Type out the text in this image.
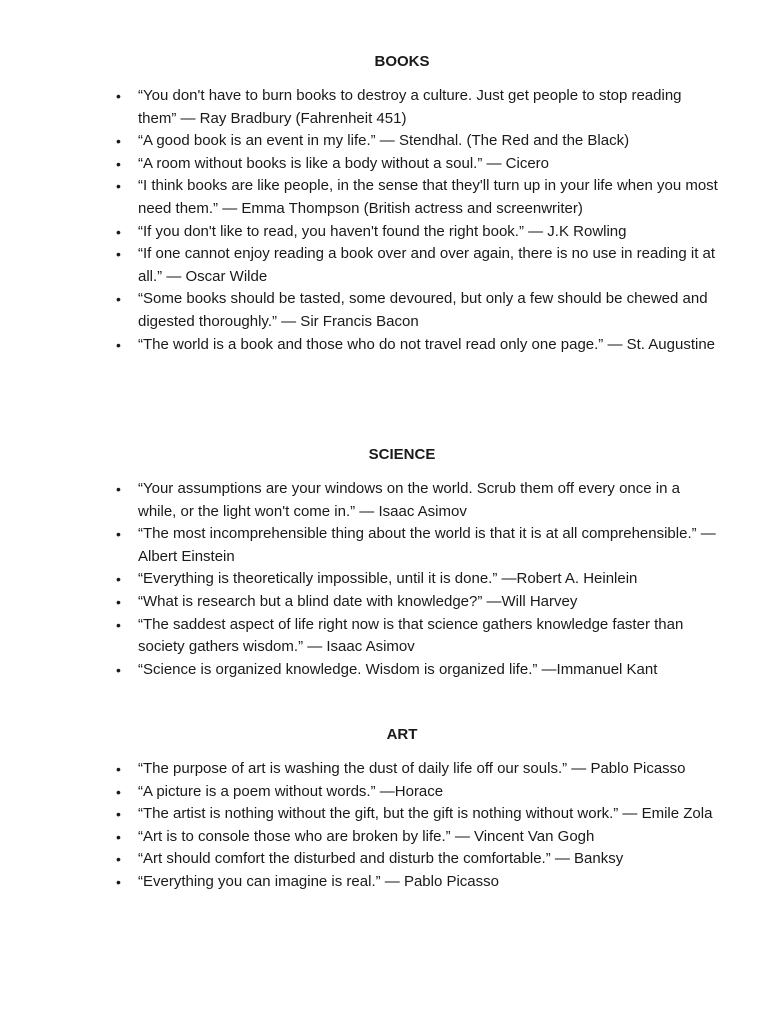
BOOKS
• “You don't have to burn books to destroy a culture. Just get people to stop reading them” — Ray Bradbury (Fahrenheit 451)
• “A good book is an event in my life.” — Stendhal. (The Red and the Black)
• “A room without books is like a body without a soul.” — Cicero
• “I think books are like people, in the sense that they'll turn up in your life when you most need them.” — Emma Thompson (British actress and screenwriter)
• “If you don't like to read, you haven't found the right book.” — J.K Rowling
• “If one cannot enjoy reading a book over and over again, there is no use in reading it at all.” — Oscar Wilde
• “Some books should be tasted, some devoured, but only a few should be chewed and digested thoroughly.” — Sir Francis Bacon
• “The world is a book and those who do not travel read only one page.” — St. Augustine
SCIENCE
• “Your assumptions are your windows on the world. Scrub them off every once in a while, or the light won't come in.” — Isaac Asimov
• “The most incomprehensible thing about the world is that it is at all comprehensible.” — Albert Einstein
• “Everything is theoretically impossible, until it is done.” —Robert A. Heinlein
• “What is research but a blind date with knowledge?” —Will Harvey
• “The saddest aspect of life right now is that science gathers knowledge faster than society gathers wisdom.” — Isaac Asimov
• “Science is organized knowledge. Wisdom is organized life.” —Immanuel Kant
ART
• “The purpose of art is washing the dust of daily life off our souls.” — Pablo Picasso
• “A picture is a poem without words.” —Horace
• “The artist is nothing without the gift, but the gift is nothing without work.” — Emile Zola
• “Art is to console those who are broken by life.” — Vincent Van Gogh
• “Art should comfort the disturbed and disturb the comfortable.” — Banksy
• “Everything you can imagine is real.” — Pablo Picasso
